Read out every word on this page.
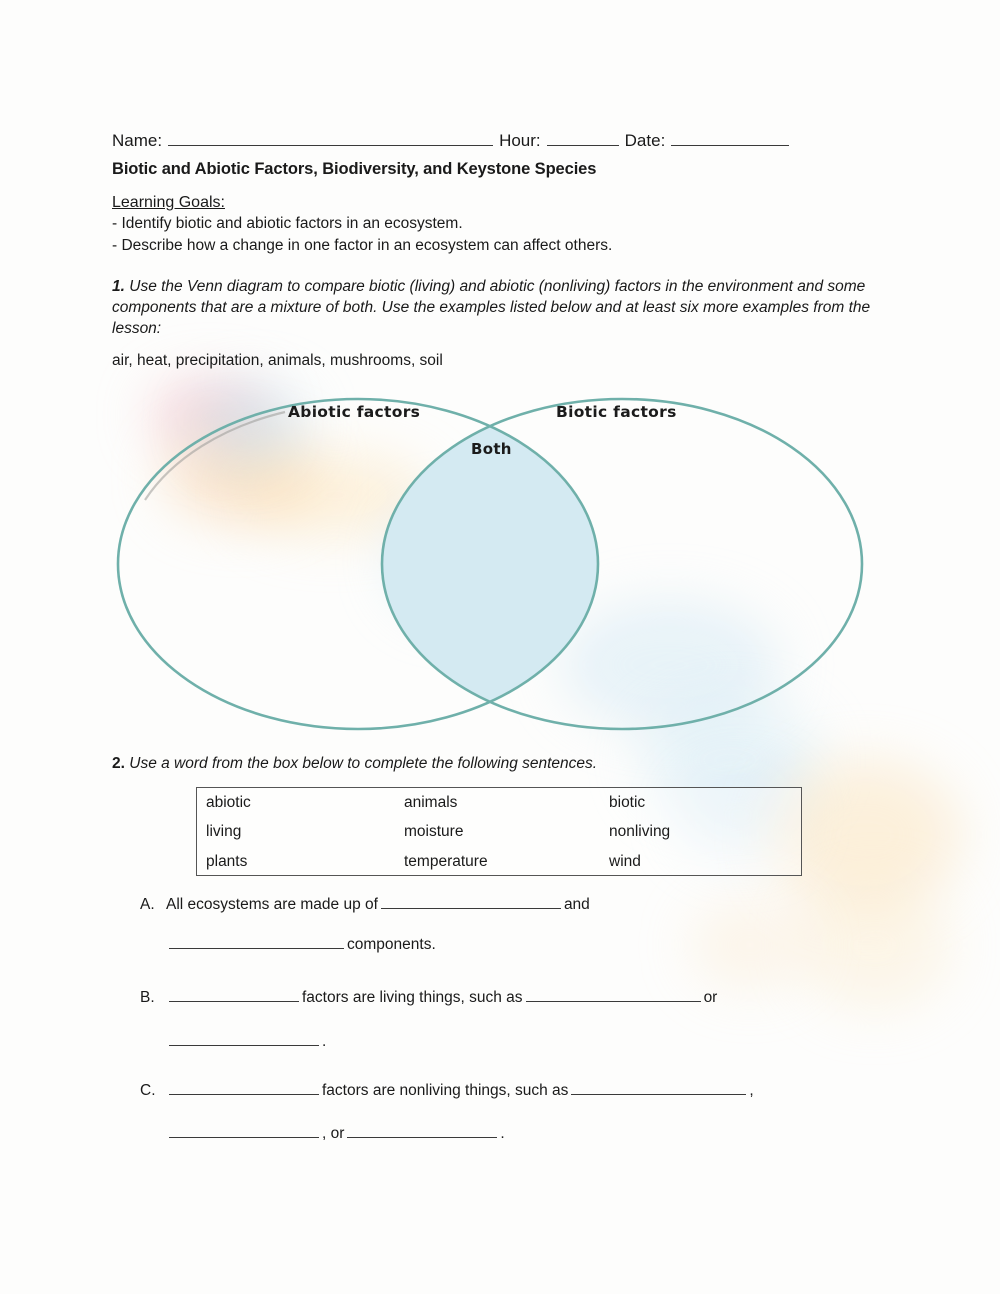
Name:	Hour:	Date:
Biotic and Abiotic Factors, Biodiversity, and Keystone Species
Learning Goals:
- Identify biotic and abiotic factors in an ecosystem.
- Describe how a change in one factor in an ecosystem can affect others.
1. Use the Venn diagram to compare biotic (living) and abiotic (nonliving) factors in the environment and some components that are a mixture of both. Use the examples listed below and at least six more examples from the lesson:
air, heat, precipitation, animals, mushrooms, soil
Abiotic factors	Biotic factors
Both
2. Use a word from the box below to complete the following sentences.
abiotic	animals	biotic
living	moisture	nonliving
plants	temperature	wind
A. All ecosystems are made up of	and
components.
B.	factors are living things, such as	or
.
C.	factors are nonliving things, such as	,
, or	.
